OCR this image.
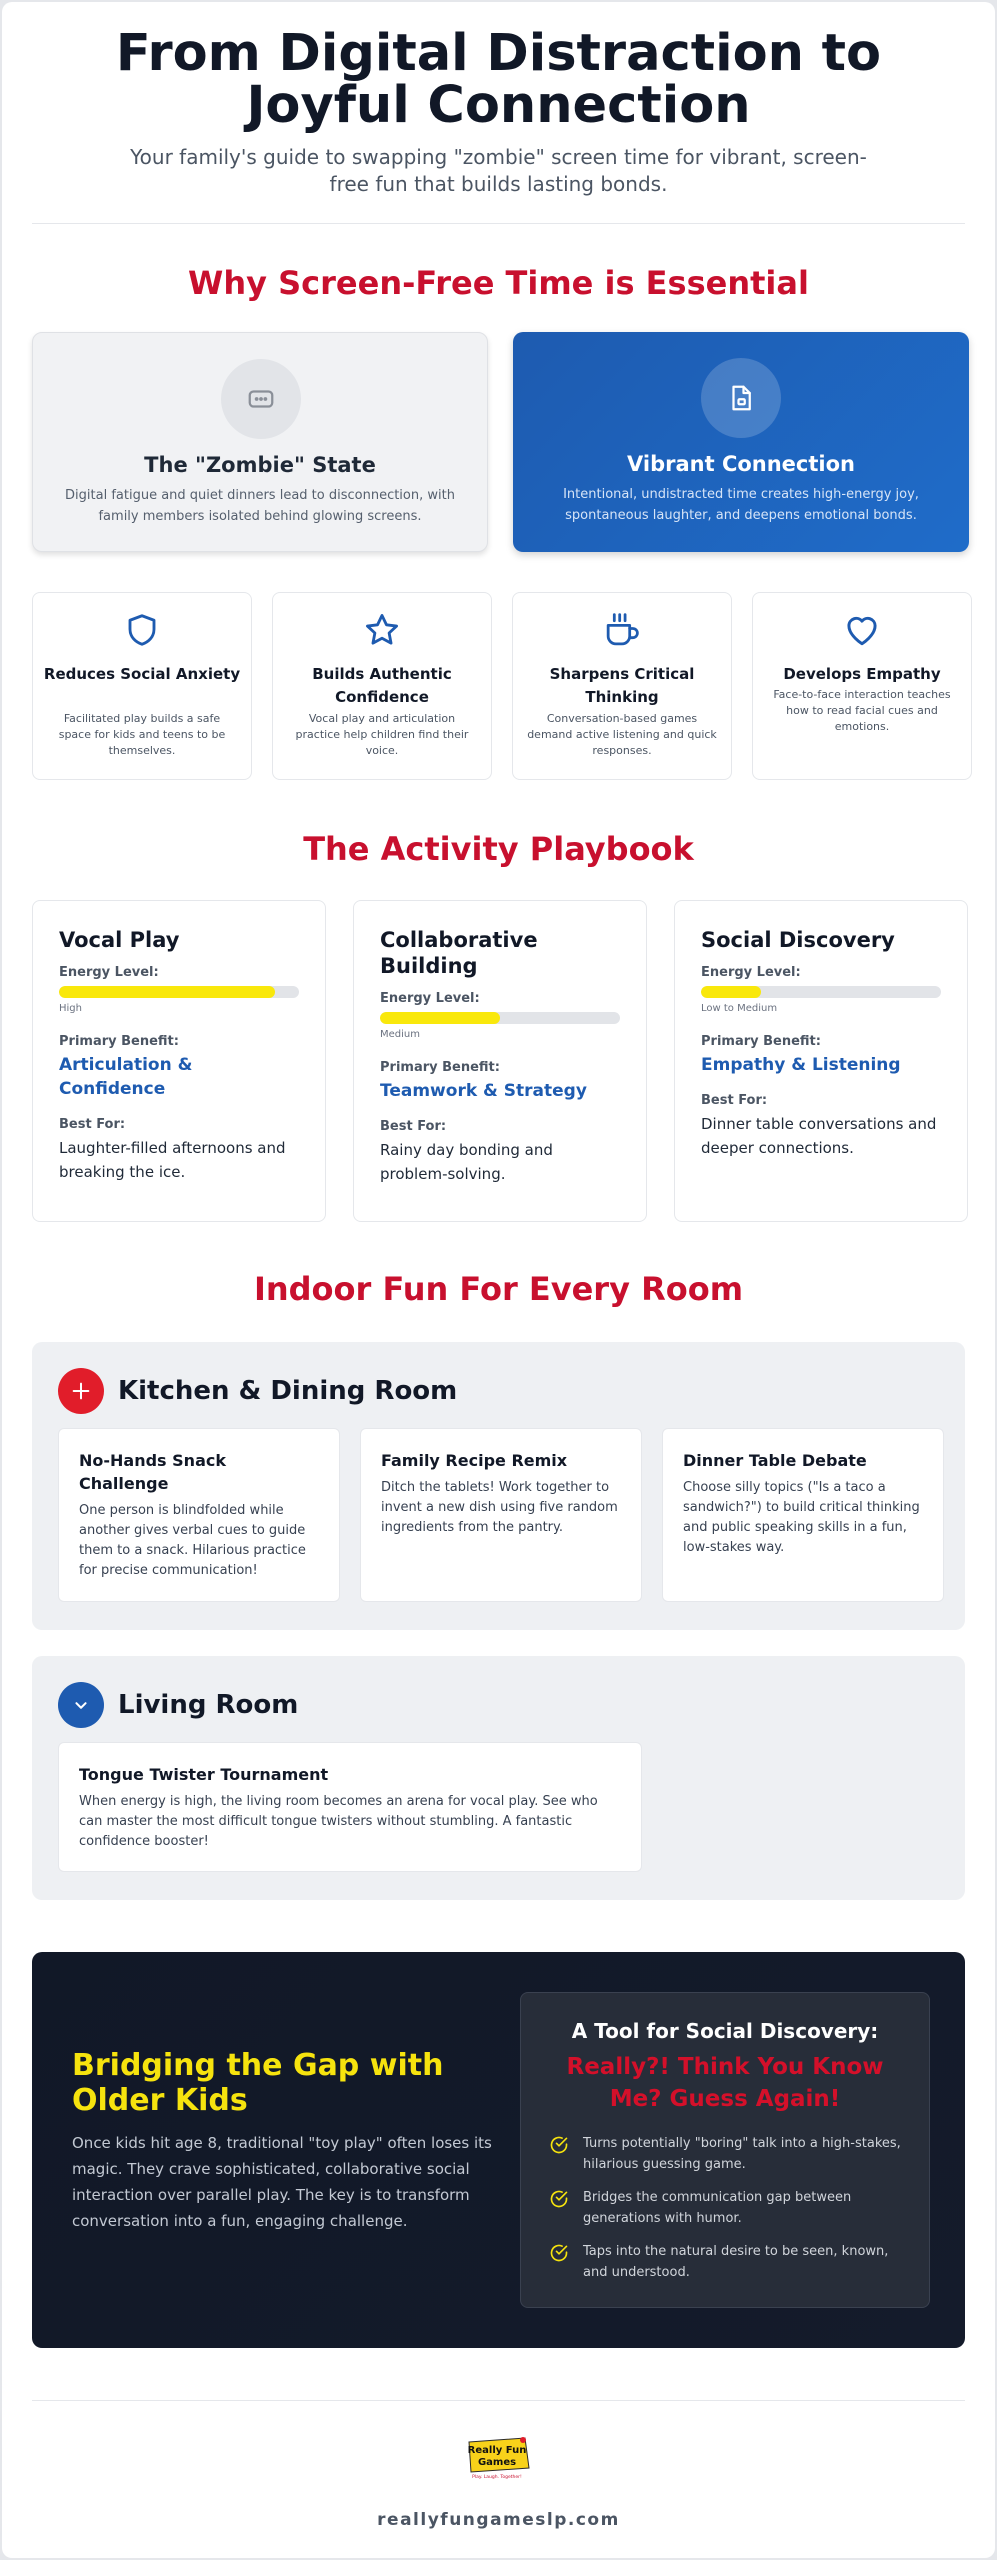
From Digital Distraction to Joyful Connection

Your family's guide to swapping "zombie" screen time for vibrant, screen-free fun that builds lasting bonds.

Why Screen-Free Time is Essential
The "Zombie" State
Digital fatigue and quiet dinners lead to disconnection, with family members isolated behind glowing screens.
Vibrant Connection
Intentional, undistracted time creates high-energy joy, spontaneous laughter, and deepens emotional bonds.
Reduces Social Anxiety
Facilitated play builds a safe space for kids and teens to be themselves.
Builds Authentic Confidence
Vocal play and articulation practice help children find their voice.
Sharpens Critical Thinking
Conversation-based games demand active listening and quick responses.
Develops Empathy
Face-to-face interaction teaches how to read facial cues and emotions.
The Activity Playbook
Vocal Play
Energy Level:
High
Primary Benefit:
Articulation & Confidence
Best For:
Laughter-filled afternoons and breaking the ice.
Collaborative Building
Energy Level:
Medium
Primary Benefit:
Teamwork & Strategy
Best For:
Rainy day bonding and problem-solving.
Social Discovery
Energy Level:
Low to Medium
Primary Benefit:
Empathy & Listening
Best For:
Dinner table conversations and deeper connections.
Indoor Fun For Every Room
Kitchen & Dining Room
No-Hands Snack Challenge
One person is blindfolded while another gives verbal cues to guide them to a snack. Hilarious practice for precise communication!
Family Recipe Remix
Ditch the tablets! Work together to invent a new dish using five random ingredients from the pantry.
Dinner Table Debate
Choose silly topics ("Is a taco a sandwich?") to build critical thinking and public speaking skills in a fun, low-stakes way.
Living Room
Tongue Twister Tournament
When energy is high, the living room becomes an arena for vocal play. See who can master the most difficult tongue twisters without stumbling. A fantastic confidence booster!
Bridging the Gap with Older Kids
Once kids hit age 8, traditional "toy play" often loses its magic. They crave sophisticated, collaborative social interaction over parallel play. The key is to transform conversation into a fun, engaging challenge.
A Tool for Social Discovery:
Really?! Think You Know Me? Guess Again!
Turns potentially "boring" talk into a high-stakes, hilarious guessing game.
Bridges the communication gap between generations with humor.
Taps into the natural desire to be seen, known, and understood.
Really Fun
Games
Play. Laugh. Together!
reallyfungameslp.com
